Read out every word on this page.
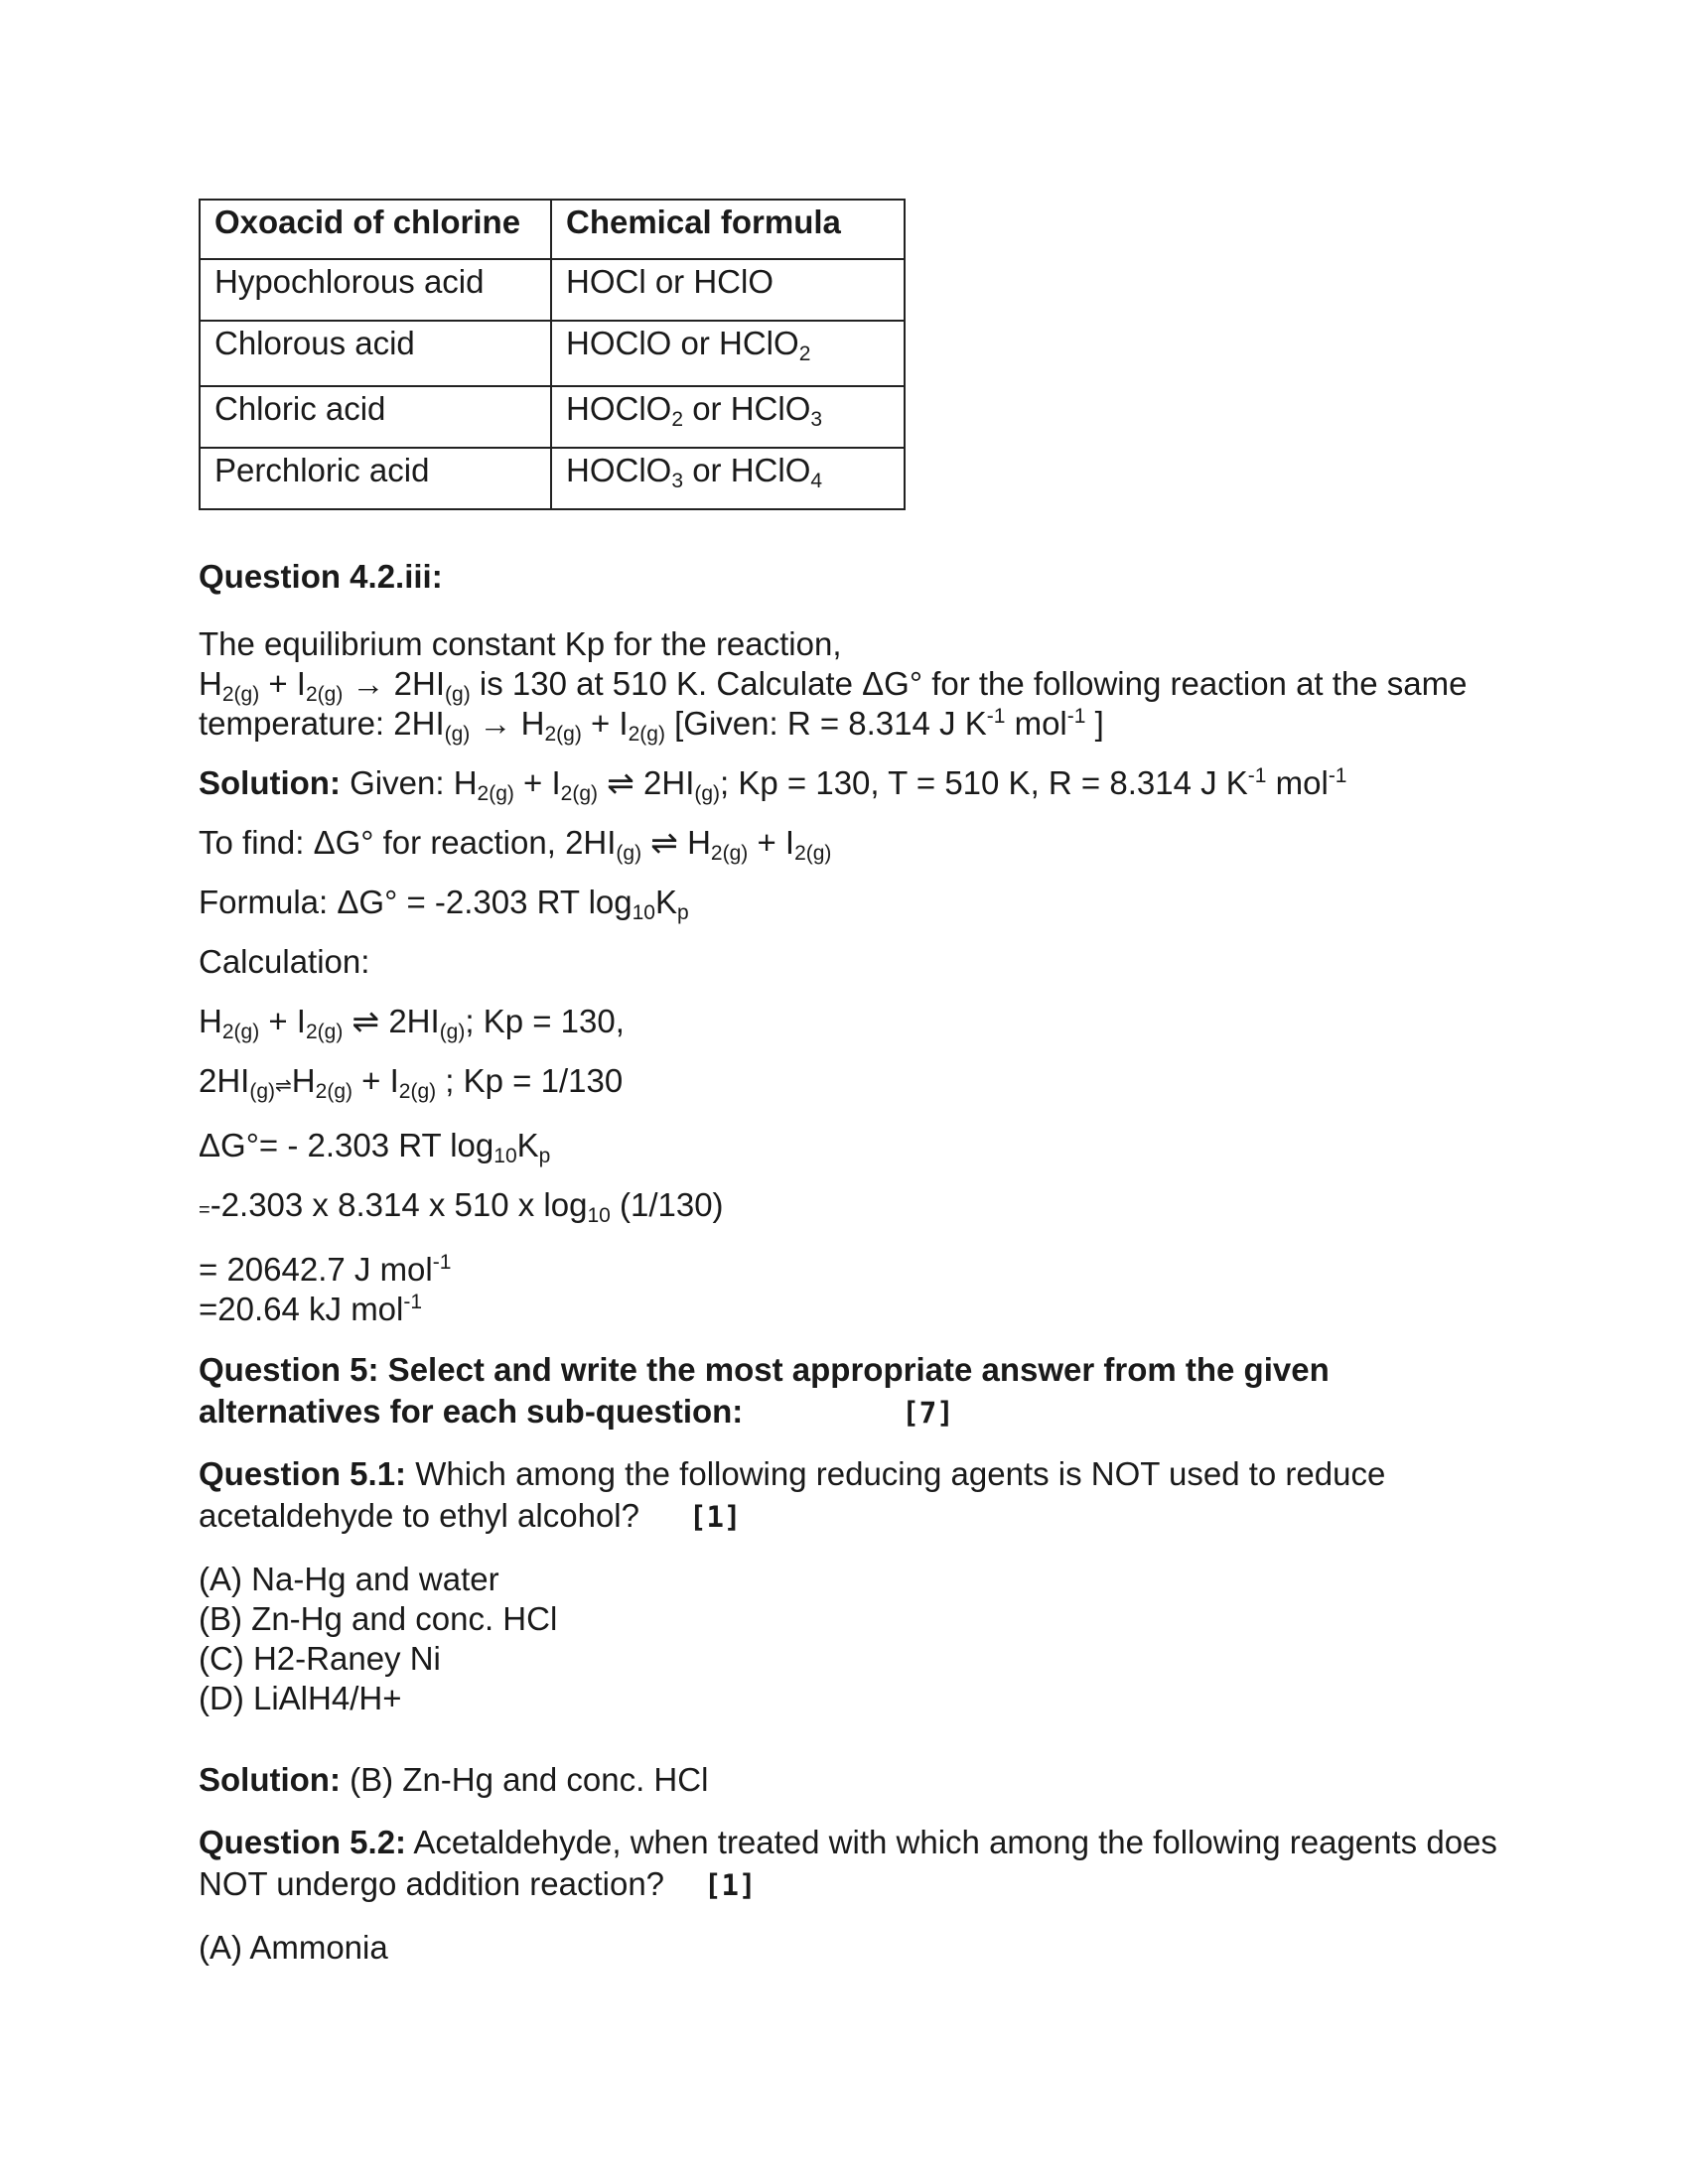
Oxoacid of chlorine	Chemical formula
Hypochlorous acid	HOCl or HClO
Chlorous acid	HOClO or HClO$_2$
Chloric acid	HOClO$_2$ or HClO$_3$
Perchloric acid	HOClO$_3$ or HClO$_4$

Question 4.2.iii:

The equilibrium constant Kp for the reaction,

$H_{2(g)} + I_{2(g)} \to 2HI_{(g)}$ is 130 at 510 K. Calculate ΔG° for the following reaction at the same

temperature: $2HI_{(g)} \to H_{2(g)} + I_{2(g)}$ [Given: R = 8.314 J $K^{-1}$ mol$^{-1}$ ]

Solution: Given: $H_{2(g)} + I_{2(g)}$ ⇌ $2HI_{(g)}$; Kp = 130, T = 510 K, R = 8.314 J $K^{-1}$ mol$^{-1}$

To find: ΔG° for reaction, $2HI_{(g)}$ ⇌ $H_{2(g)} + I_{2(g)}$

Formula: ΔG° = -2.303 RT $\log_{10}K_p$

Calculation:

$H_{2(g)} + I_{2(g)}$ ⇌ $2HI_{(g)}$; Kp = 130,

$2HI_{(g)}\rightleftharpoons H_{2(g)} + I_{2(g)}$ ; Kp = 1/130

ΔG°= - 2.303 RT $\log_{10}K_p$

=-2.303 x 8.314 x 510 x $\log_{10} (1/130)$

= 20642.7 J mol$^{-1}$

=20.64 kJ mol$^{-1}$

Question 5: Select and write the most appropriate answer from the given alternatives for each sub-question:	[7]

Question 5.1: Which among the following reducing agents is NOT used to reduce acetaldehyde to ethyl alcohol? [1]

(A) Na-Hg and water

(B) Zn-Hg and conc. HCl

(C) H2-Raney Ni

(D) LiAlH4/H+

Solution: (B) Zn-Hg and conc. HCl

Question 5.2: Acetaldehyde, when treated with which among the following reagents does NOT undergo addition reaction? [1]

(A) Ammonia
